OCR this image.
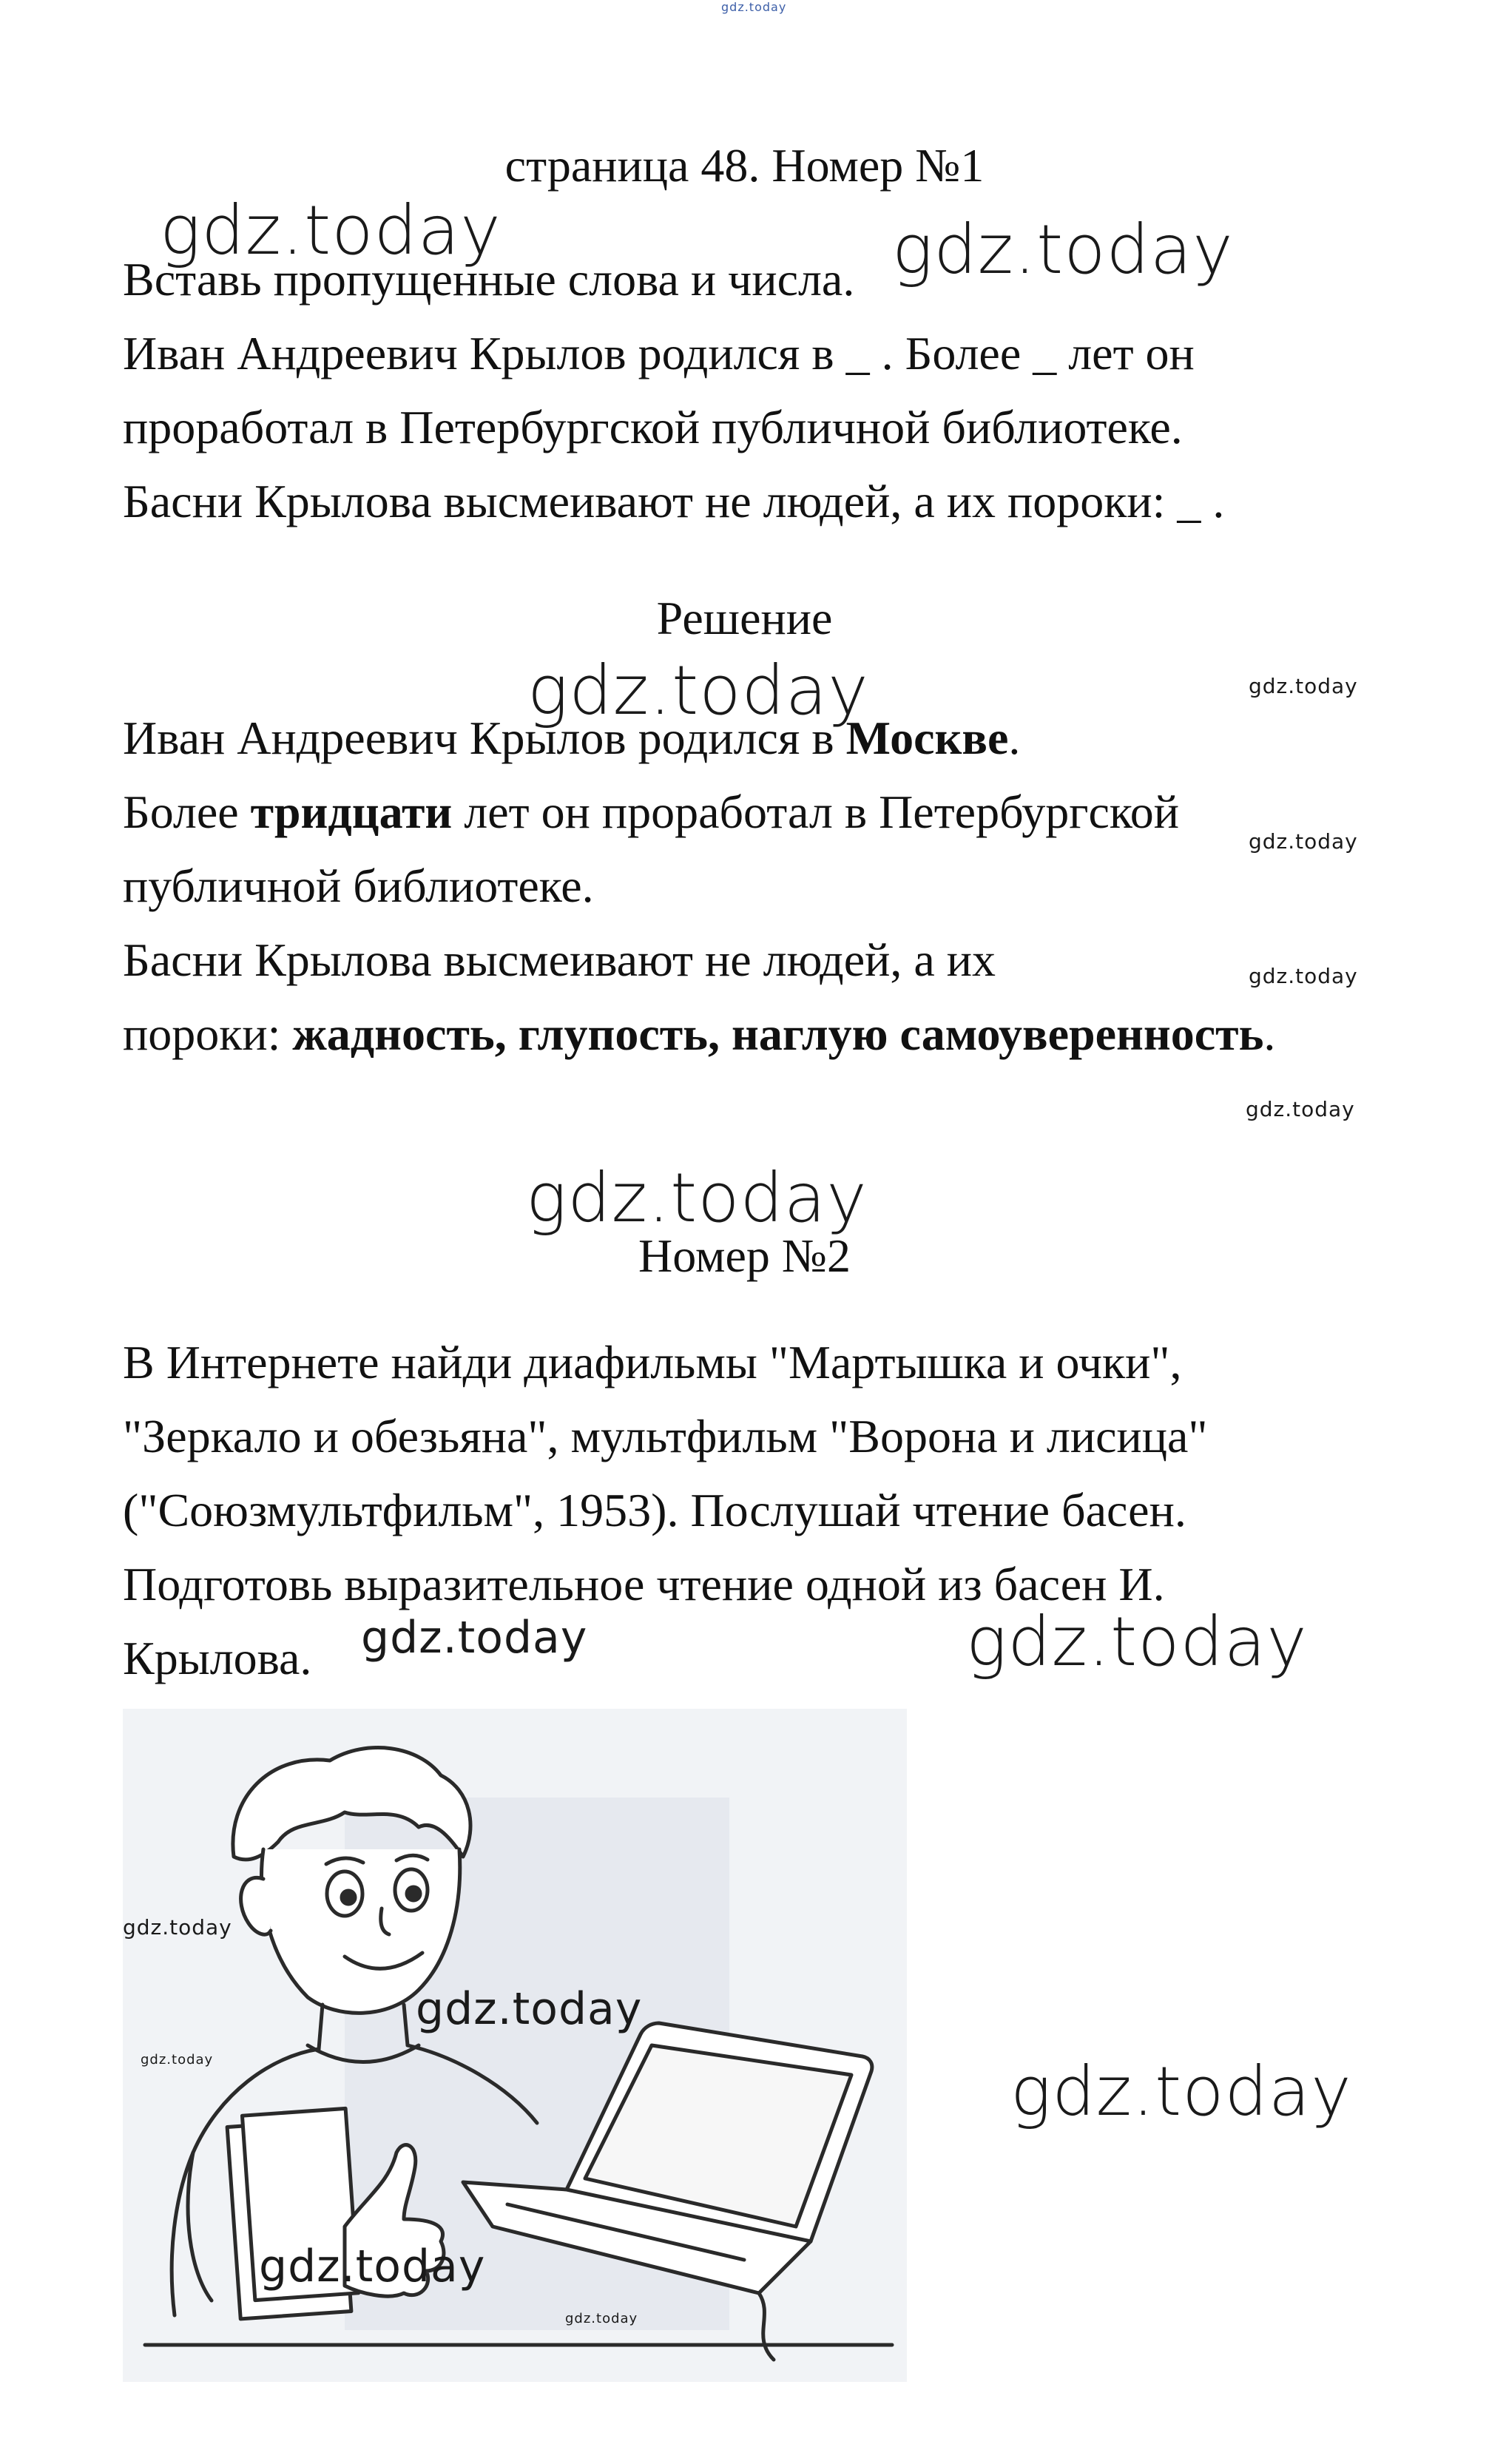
gdz.today
страница 48. Номер №1
Вставь пропущенные слова и числа.
Иван Андреевич Крылов родился в _ . Более _ лет он
проработал в Петербургской публичной библиотеке.
Басни Крылова высмеивают не людей, а их пороки: _ .
Решение
Иван Андреевич Крылов родился в Москве.
Более тридцати лет он проработал в Петербургской
публичной библиотеке.
Басни Крылова высмеивают не людей, а их
пороки: жадность, глупость, наглую самоуверенность.
Номер №2
В Интернете найди диафильмы "Мартышка и очки",
"Зеркало и обезьяна", мультфильм "Ворона и лисица"
("Союзмультфильм", 1953). Послушай чтение басен.
Подготовь выразительное чтение одной из басен И.
Крылова.
gdz.today	gdz.today
gdz.today	gdz.today
gdz.today
gdz.today
gdz.today
gdz.today
gdz.today	gdz.today
gdz.today
gdz.today
gdz.today	gdz.today
gdz.today
gdz.today
